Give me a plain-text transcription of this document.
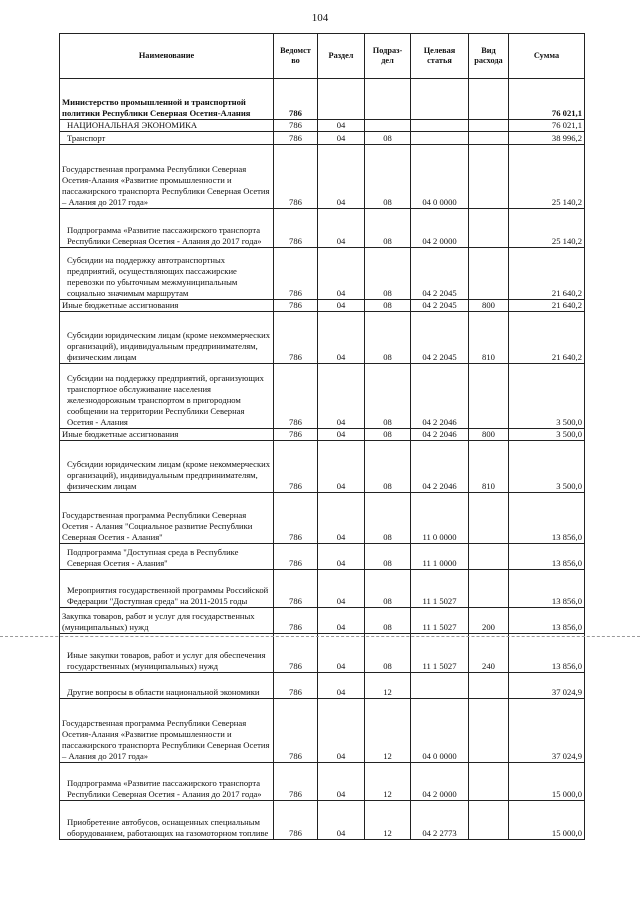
104
Наименование	Ведомст во	Раздел	Подраз- дел	Целевая статья	Вид расхода	Сумма
Министерство промышленной и транспортной политики Республики Северная Осетия-Алания	786					76 021,1
НАЦИОНАЛЬНАЯ ЭКОНОМИКА	786	04				76 021,1
Транспорт	786	04	08			38 996,2
Государственная программа Республики Северная Осетия-Алания «Развитие промышленности и пассажирского транспорта Республики Северная Осетия – Алания до 2017 года»	786	04	08	04 0 0000		25 140,2
Подпрограмма «Развитие пассажирского транспорта Республики Северная Осетия - Алания до 2017 года»	786	04	08	04 2 0000		25 140,2
Субсидии на поддержку автотранспортных предприятий, осуществляющих пассажирские перевозки по убыточным межмуниципальным социально значимым маршрутам	786	04	08	04 2 2045		21 640,2
Иные бюджетные ассигнования	786	04	08	04 2 2045	800	21 640,2
Субсидии юридическим лицам (кроме некоммерческих организаций), индивидуальным предпринимателям, физическим лицам	786	04	08	04 2 2045	810	21 640,2
Субсидии на поддержку предприятий, организующих транспортное обслуживание населения железнодорожным транспортом в пригородном сообщении на территории Республики Северная Осетия - Алания	786	04	08	04 2 2046		3 500,0
Иные бюджетные ассигнования	786	04	08	04 2 2046	800	3 500,0
Субсидии юридическим лицам (кроме некоммерческих организаций), индивидуальным предпринимателям, физическим лицам	786	04	08	04 2 2046	810	3 500,0
Государственная программа Республики Северная Осетия - Алания "Социальное развитие Республики Северная Осетия - Алания"	786	04	08	11 0 0000		13 856,0
Подпрограмма "Доступная среда в Республике Северная Осетия - Алания"	786	04	08	11 1 0000		13 856,0
Мероприятия государственной программы Российской Федерации "Доступная среда" на 2011-2015 годы	786	04	08	11 1 5027		13 856,0
Закупка товаров, работ и услуг для государственных (муниципальных) нужд	786	04	08	11 1 5027	200	13 856,0
Иные закупки товаров, работ и услуг для обеспечения государственных (муниципальных) нужд	786	04	08	11 1 5027	240	13 856,0
Другие вопросы в области национальной экономики	786	04	12			37 024,9
Государственная программа Республики Северная Осетия-Алания «Развитие промышленности и пассажирского транспорта Республики Северная Осетия – Алания до 2017 года»	786	04	12	04 0 0000		37 024,9
Подпрограмма «Развитие пассажирского транспорта Республики Северная Осетия - Алания до 2017 года»	786	04	12	04 2 0000		15 000,0
Приобретение автобусов, оснащенных специальным оборудованием, работающих на газомоторном топливе	786	04	12	04 2 2773		15 000,0
